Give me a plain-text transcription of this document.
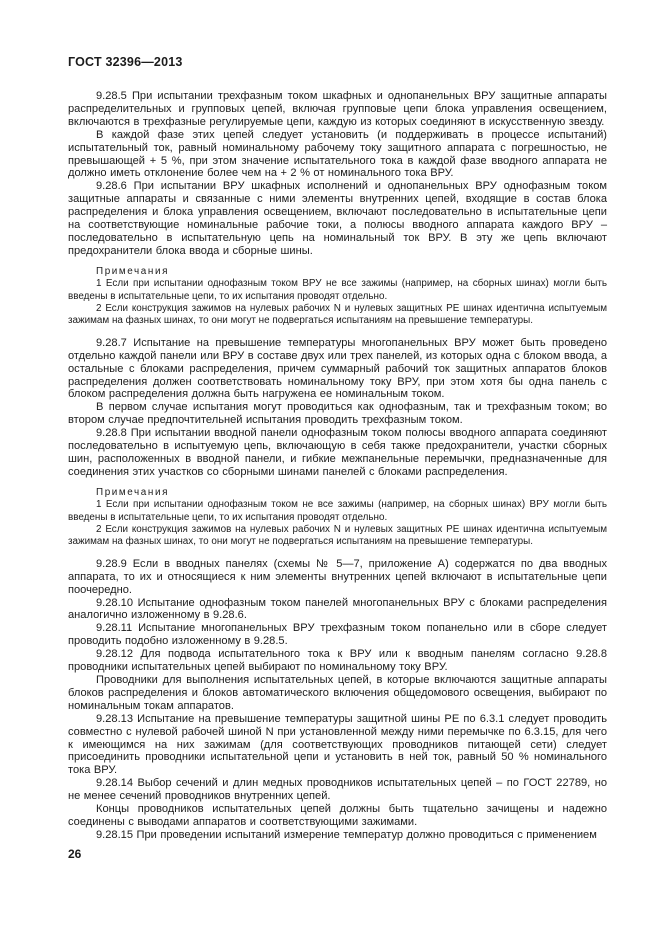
ГОСТ 32396—2013

9.28.5 При испытании трехфазным током шкафных и однопанельных ВРУ защитные аппараты распределительных и групповых цепей, включая групповые цепи блока управления освещением, включаются в трехфазные регулируемые цепи, каждую из которых соединяют в искусственную звезду.

В каждой фазе этих цепей следует установить (и поддерживать в процессе испытаний) испытательный ток, равный номинальному рабочему току защитного аппарата с погрешностью, не превышающей + 5 %, при этом значение испытательного тока в каждой фазе вводного аппарата не должно иметь отклонение более чем на + 2 % от номинального тока ВРУ.

9.28.6 При испытании ВРУ шкафных исполнений и однопанельных ВРУ однофазным током защитные аппараты и связанные с ними элементы внутренних цепей, входящие в состав блока распределения и блока управления освещением, включают последовательно в испытательные цепи на соответствующие номинальные рабочие токи, а полюсы вводного аппарата каждого ВРУ – последовательно в испытательную цепь на номинальный ток ВРУ. В эту же цепь включают предохранители блока ввода и сборные шины.

Примечания

1 Если при испытании однофазным током ВРУ не все зажимы (например, на сборных шинах) могли быть введены в испытательные цепи, то их испытания проводят отдельно.

2 Если конструкция зажимов на нулевых рабочих N и нулевых защитных PE шинах идентична испытуемым зажимам на фазных шинах, то они могут не подвергаться испытаниям на превышение температуры.

9.28.7 Испытание на превышение температуры многопанельных ВРУ может быть проведено отдельно каждой панели или ВРУ в составе двух или трех панелей, из которых одна с блоком ввода, а остальные с блоками распределения, причем суммарный рабочий ток защитных аппаратов блоков распределения должен соответствовать номинальному току ВРУ, при этом хотя бы одна панель с блоком распределения должна быть нагружена ее номинальным током.

В первом случае испытания могут проводиться как однофазным, так и трехфазным током; во втором случае предпочтительней испытания проводить трехфазным током.

9.28.8 При испытании вводной панели однофазным током полюсы вводного аппарата соединяют последовательно в испытуемую цепь, включающую в себя также предохранители, участки сборных шин, расположенных в вводной панели, и гибкие межпанельные перемычки, предназначенные для соединения этих участков со сборными шинами панелей с блоками распределения.

Примечания

1 Если при испытании однофазным током не все зажимы (например, на сборных шинах) ВРУ могли быть введены в испытательные цепи, то их испытания проводят отдельно.

2 Если конструкция зажимов на нулевых рабочих N и нулевых защитных PE шинах идентична испытуемым зажимам на фазных шинах, то они могут не подвергаться испытаниям на превышение температуры.

9.28.9 Если в вводных панелях (схемы № 5—7, приложение А) содержатся по два вводных аппарата, то их и относящиеся к ним элементы внутренних цепей включают в испытательные цепи поочередно.

9.28.10 Испытание однофазным током панелей многопанельных ВРУ с блоками распределения аналогично изложенному в 9.28.6.

9.28.11 Испытание многопанельных ВРУ трехфазным током попанельно или в сборе следует проводить подобно изложенному в 9.28.5.

9.28.12 Для подвода испытательного тока к ВРУ или к вводным панелям согласно 9.28.8 проводники испытательных цепей выбирают по номинальному току ВРУ.

Проводники для выполнения испытательных цепей, в которые включаются защитные аппараты блоков распределения и блоков автоматического включения общедомового освещения, выбирают по номинальным токам аппаратов.

9.28.13 Испытание на превышение температуры защитной шины PE по 6.3.1 следует проводить совместно с нулевой рабочей шиной N при установленной между ними перемычке по 6.3.15, для чего к имеющимся на них зажимам (для соответствующих проводников питающей сети) следует присоединить проводники испытательной цепи и установить в ней ток, равный 50 % номинального тока ВРУ.

9.28.14 Выбор сечений и длин медных проводников испытательных цепей – по ГОСТ 22789, но не менее сечений проводников внутренних цепей.

Концы проводников испытательных цепей должны быть тщательно зачищены и надежно соединены с выводами аппаратов и соответствующими зажимами.

9.28.15 При проведении испытаний измерение температур должно проводиться с применением

26
